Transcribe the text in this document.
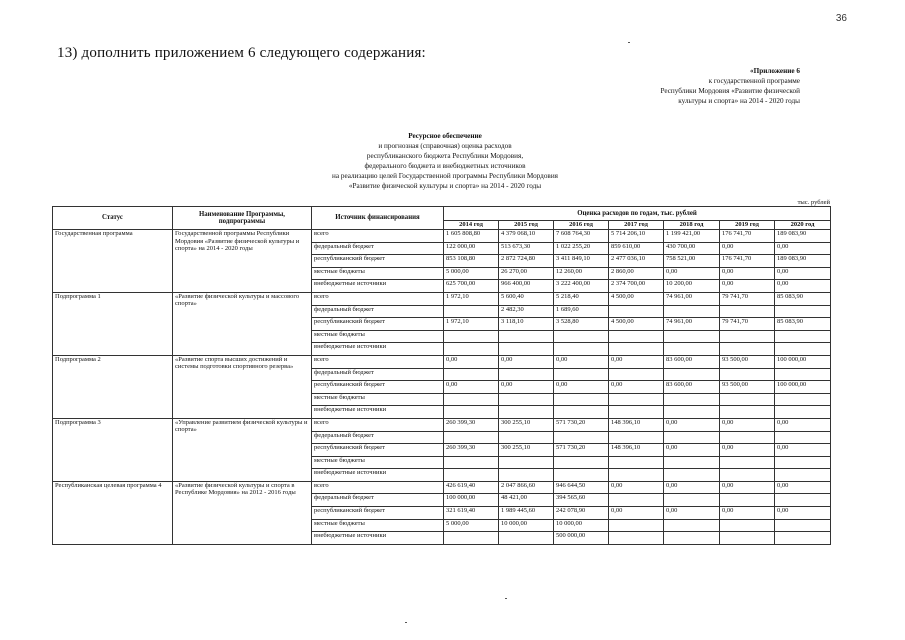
36
13) дополнить приложением 6 следующего содержания:
«Приложение 6
к государственной программе
Республики Мордовия «Развитие физической
культуры и спорта» на 2014 - 2020 годы
Ресурсное обеспечение
и прогнозная (справочная) оценка расходов
республиканского бюджета Республики Мордовия,
федерального бюджета и внебюджетных источников
на реализацию целей Государственной программы Республики Мордовия
«Развитие физической культуры и спорта» на 2014 - 2020 годы
тыс. рублей
Статус	Наименование Программы, подпрограммы	Источник финансирования	Оценка расходов по годам, тыс. рублей						
			2014 год	2015 год	2016 год	2017 год	2018 год	2019 год	2020 год
Государственная программа	Государственной программы Республики Мордовия «Развитие физической культуры и спорта» на 2014 - 2020 годы	всего	1 605 808,80	4 379 068,10	7 608 764,30	5 714 206,10	1 199 421,00	176 741,70	189 083,90
		федеральный бюджет	122 000,00	513 673,30	1 022 255,20	859 610,00	430 700,00	0,00	0,00
		республиканский бюджет	853 108,80	2 872 724,80	3 411 849,10	2 477 036,10	758 521,00	176 741,70	189 083,90
		местные бюджеты	5 000,00	26 270,00	12 260,00	2 860,00	0,00	0,00	0,00
		внебюджетные источники	625 700,00	966 400,00	3 222 400,00	2 374 700,00	10 200,00	0,00	0,00
Подпрограмма 1	«Развитие физической культуры и массового спорта»	всего	1 972,10	5 600,40	5 218,40	4 500,00	74 961,00	79 741,70	85 083,90
		федеральный бюджет		2 482,30	1 689,60				
		республиканский бюджет	1 972,10	3 118,10	3 528,80	4 500,00	74 961,00	79 741,70	85 083,90
		местные бюджеты							
		внебюджетные источники							
Подпрограмма 2	«Развитие спорта высших достижений и системы подготовки спортивного резерва»	всего	0,00	0,00	0,00	0,00	83 600,00	93 500,00	100 000,00
		федеральный бюджет							
		республиканский бюджет	0,00	0,00	0,00	0,00	83 600,00	93 500,00	100 000,00
		местные бюджеты							
		внебюджетные источники							
Подпрограмма 3	«Управление развитием физической культуры и спорта»	всего	260 399,30	300 255,10	571 730,20	148 396,10	0,00	0,00	0,00
		федеральный бюджет							
		республиканский бюджет	260 399,30	300 255,10	571 730,20	148 396,10	0,00	0,00	0,00
		местные бюджеты							
		внебюджетные источники							
Республиканская целевая программа 4	«Развитие физической культуры и спорта в Республике Мордовия» на 2012 - 2016 годы	всего	426 619,40	2 047 866,60	946 644,50	0,00	0,00	0,00	0,00
		федеральный бюджет	100 000,00	48 421,00	394 565,60				
		республиканский бюджет	321 619,40	1 989 445,60	242 078,90	0,00	0,00	0,00	0,00
		местные бюджеты	5 000,00	10 000,00	10 000,00				
		внебюджетные источники			500 000,00				
